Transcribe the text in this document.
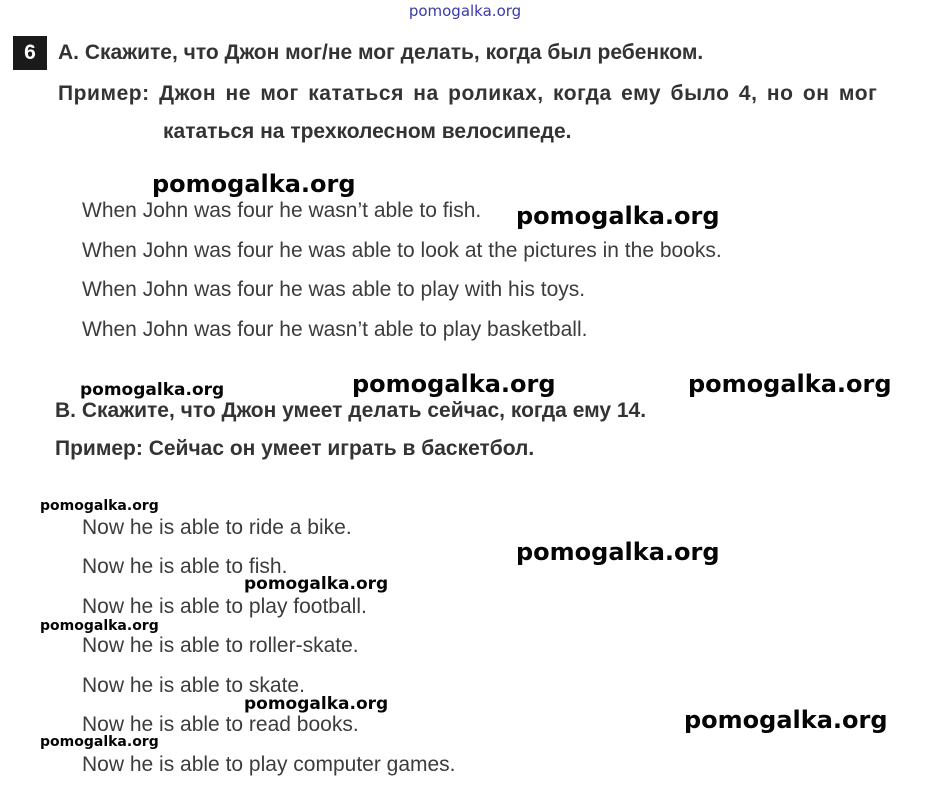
pomogalka.org
6	А. Скажите, что Джон мог/не мог делать, когда был ребенком.
Пример: Джон не мог кататься на роликах, когда ему было 4, но он мог
кататься на трехколесном велосипеде.
When John was four he wasn’t able to fish.
When John was four he was able to look at the pictures in the books.
When John was four he was able to play with his toys.
When John was four he wasn’t able to play basketball.
В. Скажите, что Джон умеет делать сейчас, когда ему 14.
Пример: Сейчас он умеет играть в баскетбол.
Now he is able to ride a bike.
Now he is able to fish.
Now he is able to play football.
Now he is able to roller-skate.
Now he is able to skate.
Now he is able to read books.
Now he is able to play computer games.
pomogalka.org
pomogalka.org
pomogalka.org	pomogalka.org	pomogalka.org
pomogalka.org
pomogalka.org
pomogalka.org
pomogalka.org
pomogalka.org
pomogalka.org
pomogalka.org
